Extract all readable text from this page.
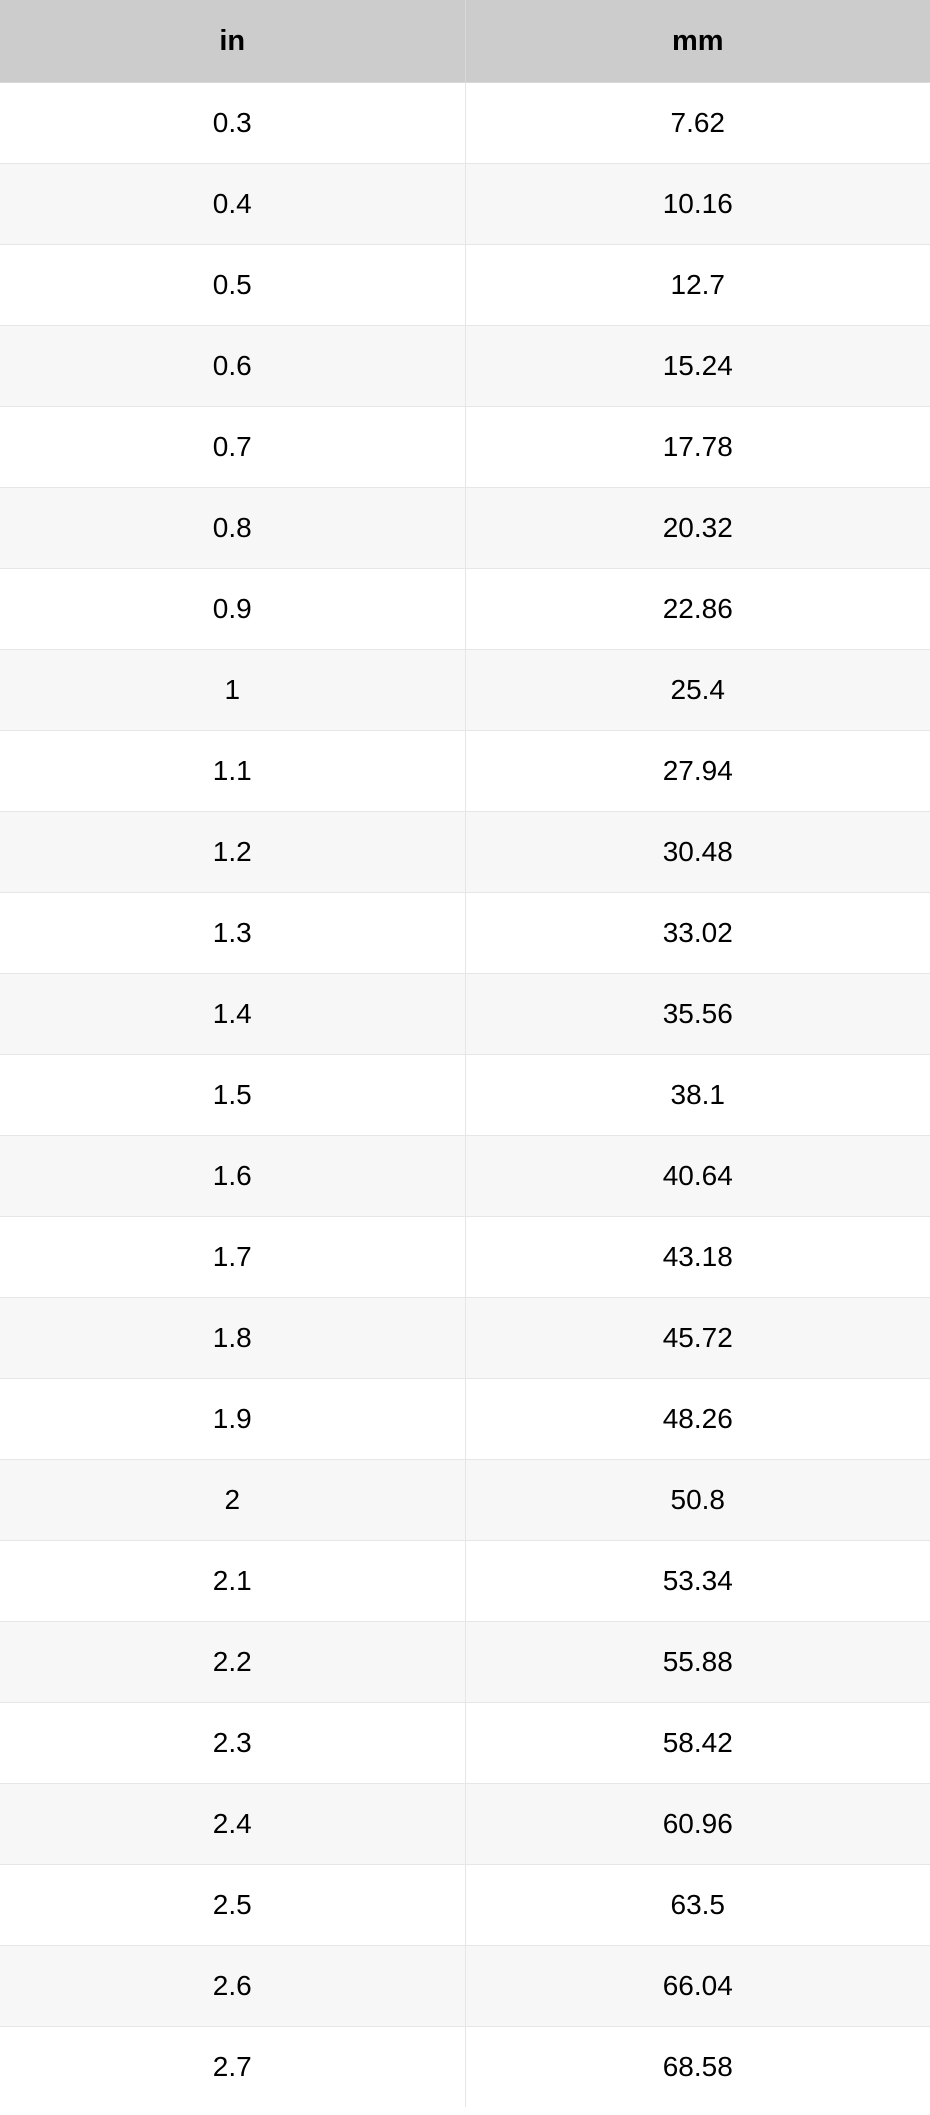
in	mm
0.3	7.62
0.4	10.16
0.5	12.7
0.6	15.24
0.7	17.78
0.8	20.32
0.9	22.86
1	25.4
1.1	27.94
1.2	30.48
1.3	33.02
1.4	35.56
1.5	38.1
1.6	40.64
1.7	43.18
1.8	45.72
1.9	48.26
2	50.8
2.1	53.34
2.2	55.88
2.3	58.42
2.4	60.96
2.5	63.5
2.6	66.04
2.7	68.58
